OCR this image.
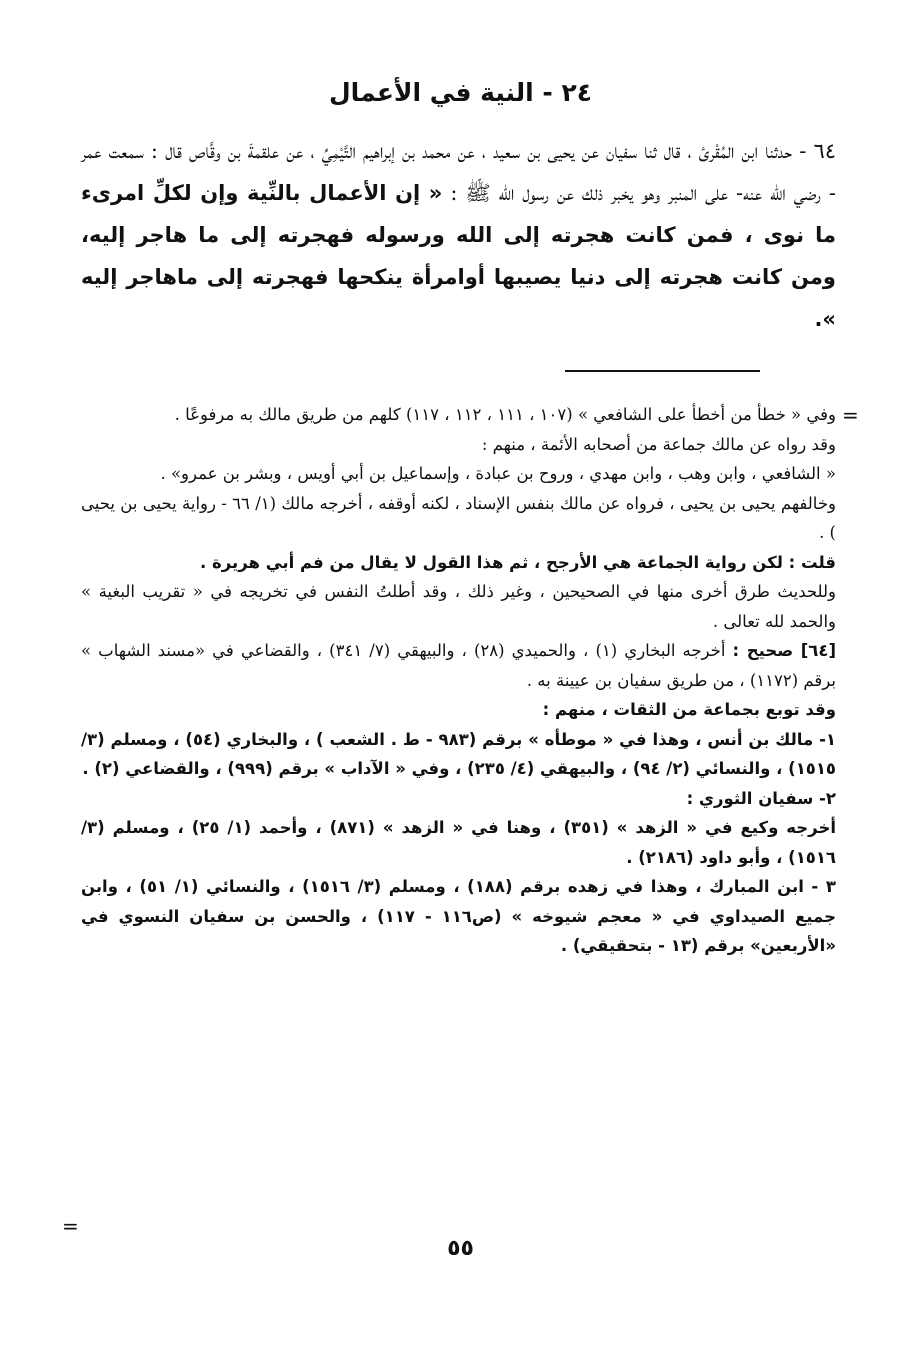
٢٤ - النية في الأعمال
٦٤ - حدثنا ابن المُقْرئ ، قال ثنا سفيان عن يحيى بن سعيد ، عن محمد بن إبراهيم التَّيْمِيِّ ، عن علقمةَ بن وقَّاص قال : سمعت عمر - رضي اللّه عنه- على المنبر وهو يخبر ذلك عن رسول الله ﷺ : « إن الأعمال بالنِّية وإن لكلِّ امرىء ما نوى ، فمن كانت هجرته إلى الله ورسوله فهجرته إلى ما هاجر إليه، ومن كانت هجرته إلى دنيا يصيبها أوامرأة ينكحها فهجرته إلى ماهاجر إليه ».
=

وفي « خطأ من أخطأ على الشافعي » (١٠٧ ، ١١١ ، ١١٢ ، ١١٧) كلهم من طريق مالك به مرفوعًا .

وقد رواه عن مالك جماعة من أصحابه الأئمة ، منهم :

« الشافعي ، وابن وهب ، وابن مهدي ، وروح بن عبادة ، وإسماعيل بن أبي أويس ، وبشر بن عمرو» .

وخالفهم يحيى بن يحيى ، فرواه عن مالك بنفس الإسناد ، لكنه أوقفه ، أخرجه مالك (١/ ٦٦ - رواية يحيى بن يحيى ) .

قلت : لكن رواية الجماعة هي الأرجح ، ثم هذا القول لا يقال من فم أبي هريرة .

وللحديث طرق أخرى منها في الصحيحين ، وغير ذلك ، وقد أطلتُ النفس في تخريجه في « تقريب البغية » والحمد لله تعالى .

[٦٤] صحيح : أخرجه البخاري (١) ، والحميدي (٢٨) ، والبيهقي (٧/ ٣٤١) ، والقضاعي في «مسند الشهاب » برقم (١١٧٢) ، من طريق سفيان بن عيينة به .

وقد توبع بجماعة من الثقات ، منهم :

١- مالك بن أنس ، وهذا في « موطأه » برقم (٩٨٣ - ط . الشعب ) ، والبخاري (٥٤) ، ومسلم (٣/ ١٥١٥) ، والنسائي (٢/ ٩٤) ، والبيهقي (٤/ ٢٣٥) ، وفي « الآداب » برقم (٩٩٩) ، والقضاعي (٢) .

٢- سفيان الثوري :

أخرجه وكيع في « الزهد » (٣٥١) ، وهنا في « الزهد » (٨٧١) ، وأحمد (١/ ٢٥) ، ومسلم (٣/ ١٥١٦) ، وأبو داود (٢١٨٦) .

٣ - ابن المبارك ، وهذا في زهده برقم (١٨٨) ، ومسلم (٣/ ١٥١٦) ، والنسائي (١/ ٥١) ، وابن جميع الصيداوي في « معجم شيوخه » (ص١١٦ - ١١٧) ، والحسن بن سفيان النسوي في «الأربعين» برقم (١٣ - بتحقيقي) .

=
٥٥
